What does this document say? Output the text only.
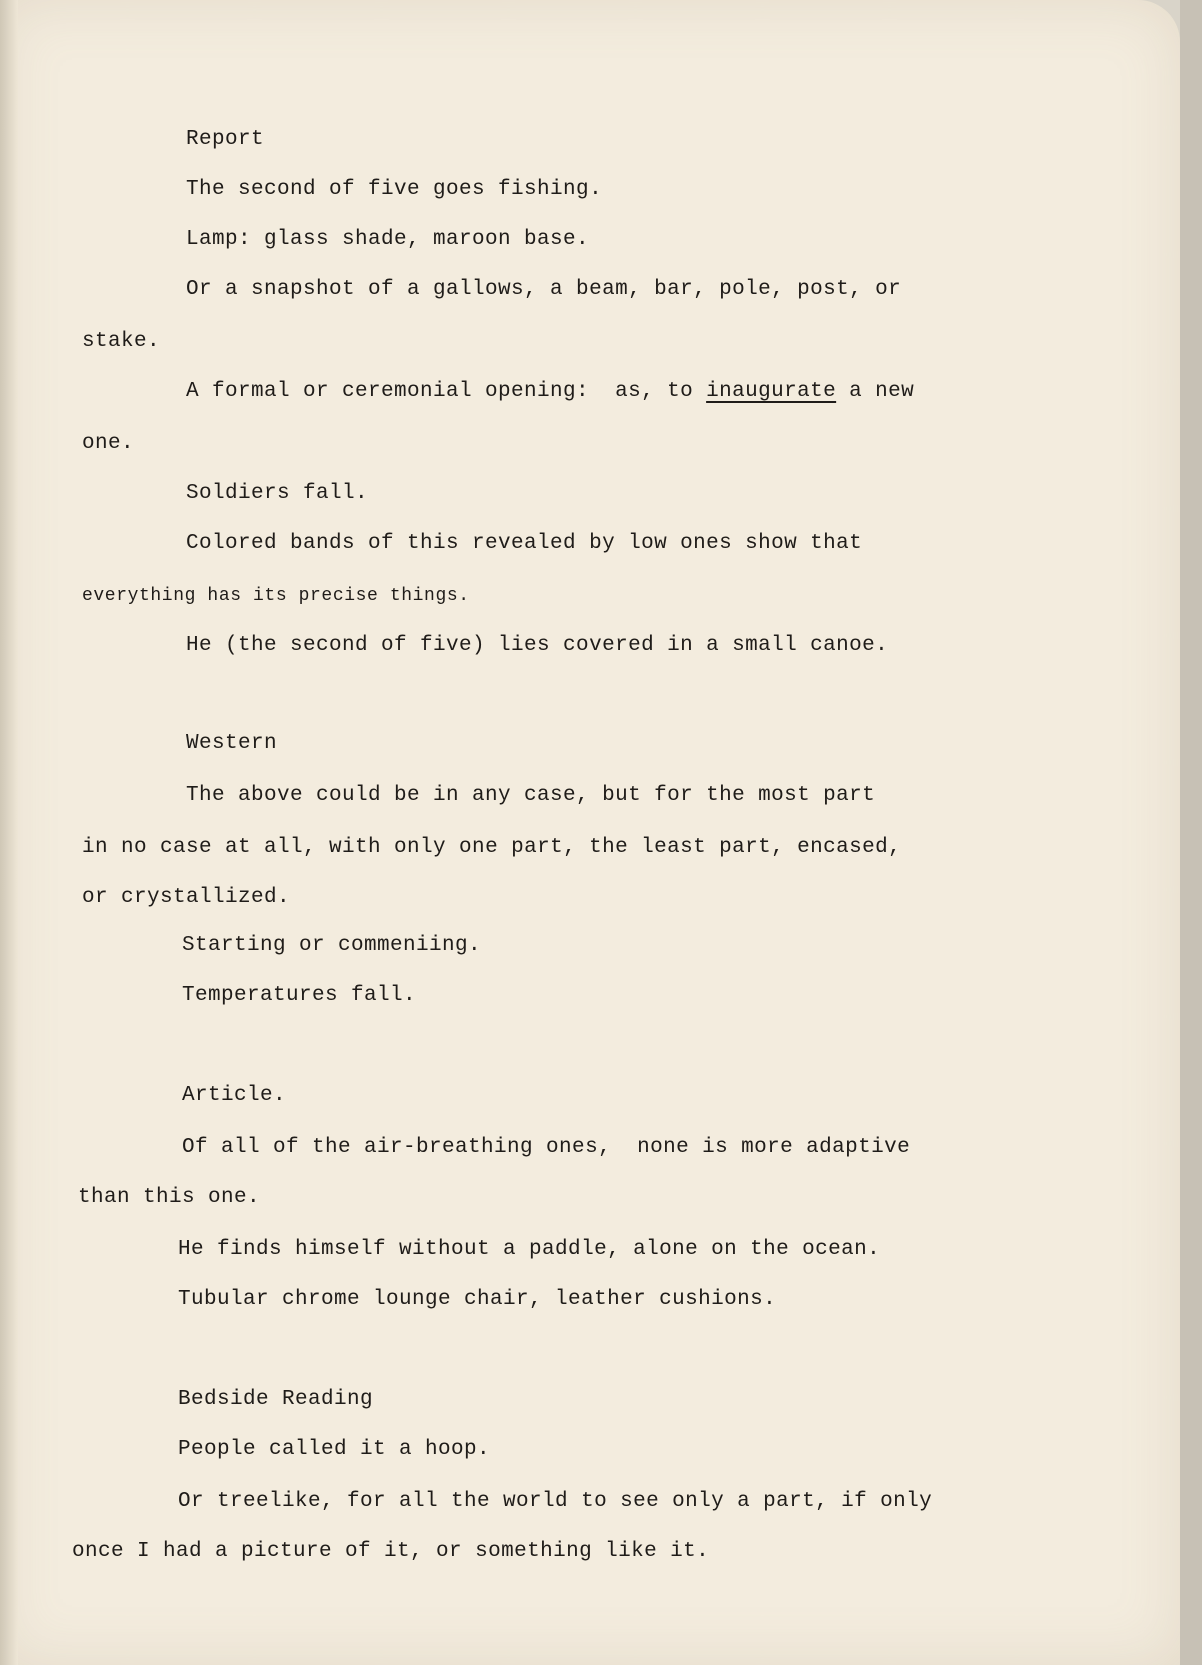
Report
The second of five goes fishing.
Lamp: glass shade, maroon base.
Or a snapshot of a gallows, a beam, bar, pole, post, or
stake.
A formal or ceremonial opening:  as, to inaugurate a new
one.
Soldiers fall.
Colored bands of this revealed by low ones show that
everything has its precise things.
He (the second of five) lies covered in a small canoe.
Western
The above could be in any case, but for the most part
in no case at all, with only one part, the least part, encased,
or crystallized.
Starting or commeniing.
Temperatures fall.
Article.
Of all of the air-breathing ones,  none is more adaptive
than this one.
He finds himself without a paddle, alone on the ocean.
Tubular chrome lounge chair, leather cushions.
Bedside Reading
People called it a hoop.
Or treelike, for all the world to see only a part, if only
once I had a picture of it, or something like it.
